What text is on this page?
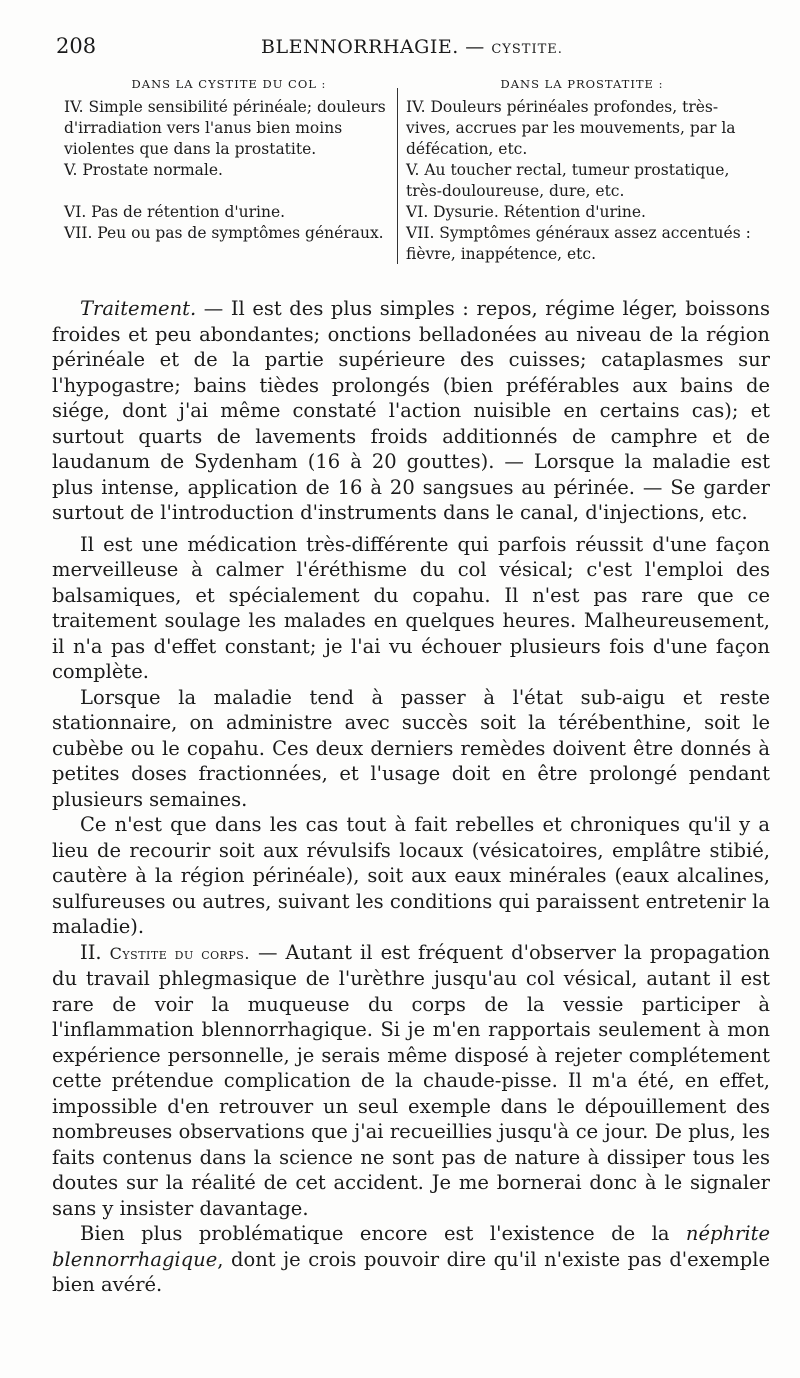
208	BLENNORRHAGIE. — CYSTITE.
DANS LA CYSTITE DU COL :

IV. Simple sensibilité périnéale; douleurs d'irradiation vers l'anus bien moins violentes que dans la prostatite.

V. Prostate normale.

VI. Pas de rétention d'urine.

VII. Peu ou pas de symptômes généraux.

DANS LA PROSTATITE :

IV. Douleurs périnéales profondes, très-vives, accrues par les mouvements, par la défécation, etc.

V. Au toucher rectal, tumeur prostatique, très-douloureuse, dure, etc.

VI. Dysurie. Rétention d'urine.

VII. Symptômes généraux assez accentués : fièvre, inappétence, etc.

Traitement. — Il est des plus simples : repos, régime léger, boissons froides et peu abondantes; onctions belladonées au niveau de la région périnéale et de la partie supérieure des cuisses; cataplasmes sur l'hypogastre; bains tièdes prolongés (bien préférables aux bains de siége, dont j'ai même constaté l'action nuisible en certains cas); et surtout quarts de lavements froids additionnés de camphre et de laudanum de Sydenham (16 à 20 gouttes). — Lorsque la maladie est plus intense, application de 16 à 20 sangsues au périnée. — Se garder surtout de l'introduction d'instruments dans le canal, d'injections, etc.

Il est une médication très-différente qui parfois réussit d'une façon merveilleuse à calmer l'éréthisme du col vésical; c'est l'emploi des balsamiques, et spécialement du copahu. Il n'est pas rare que ce traitement soulage les malades en quelques heures. Malheureusement, il n'a pas d'effet constant; je l'ai vu échouer plusieurs fois d'une façon complète.

Lorsque la maladie tend à passer à l'état sub-aigu et reste stationnaire, on administre avec succès soit la térébenthine, soit le cubèbe ou le copahu. Ces deux derniers remèdes doivent être donnés à petites doses fractionnées, et l'usage doit en être prolongé pendant plusieurs semaines.

Ce n'est que dans les cas tout à fait rebelles et chroniques qu'il y a lieu de recourir soit aux révulsifs locaux (vésicatoires, emplâtre stibié, cautère à la région périnéale), soit aux eaux minérales (eaux alcalines, sulfureuses ou autres, suivant les conditions qui paraissent entretenir la maladie).

II. Cystite du corps. — Autant il est fréquent d'observer la propagation du travail phlegmasique de l'urèthre jusqu'au col vésical, autant il est rare de voir la muqueuse du corps de la vessie participer à l'inflammation blennorrhagique. Si je m'en rapportais seulement à mon expérience personnelle, je serais même disposé à rejeter complétement cette prétendue complication de la chaude-pisse. Il m'a été, en effet, impossible d'en retrouver un seul exemple dans le dépouillement des nombreuses observations que j'ai recueillies jusqu'à ce jour. De plus, les faits contenus dans la science ne sont pas de nature à dissiper tous les doutes sur la réalité de cet accident. Je me bornerai donc à le signaler sans y insister davantage.

Bien plus problématique encore est l'existence de la néphrite blennorrhagique, dont je crois pouvoir dire qu'il n'existe pas d'exemple bien avéré.
